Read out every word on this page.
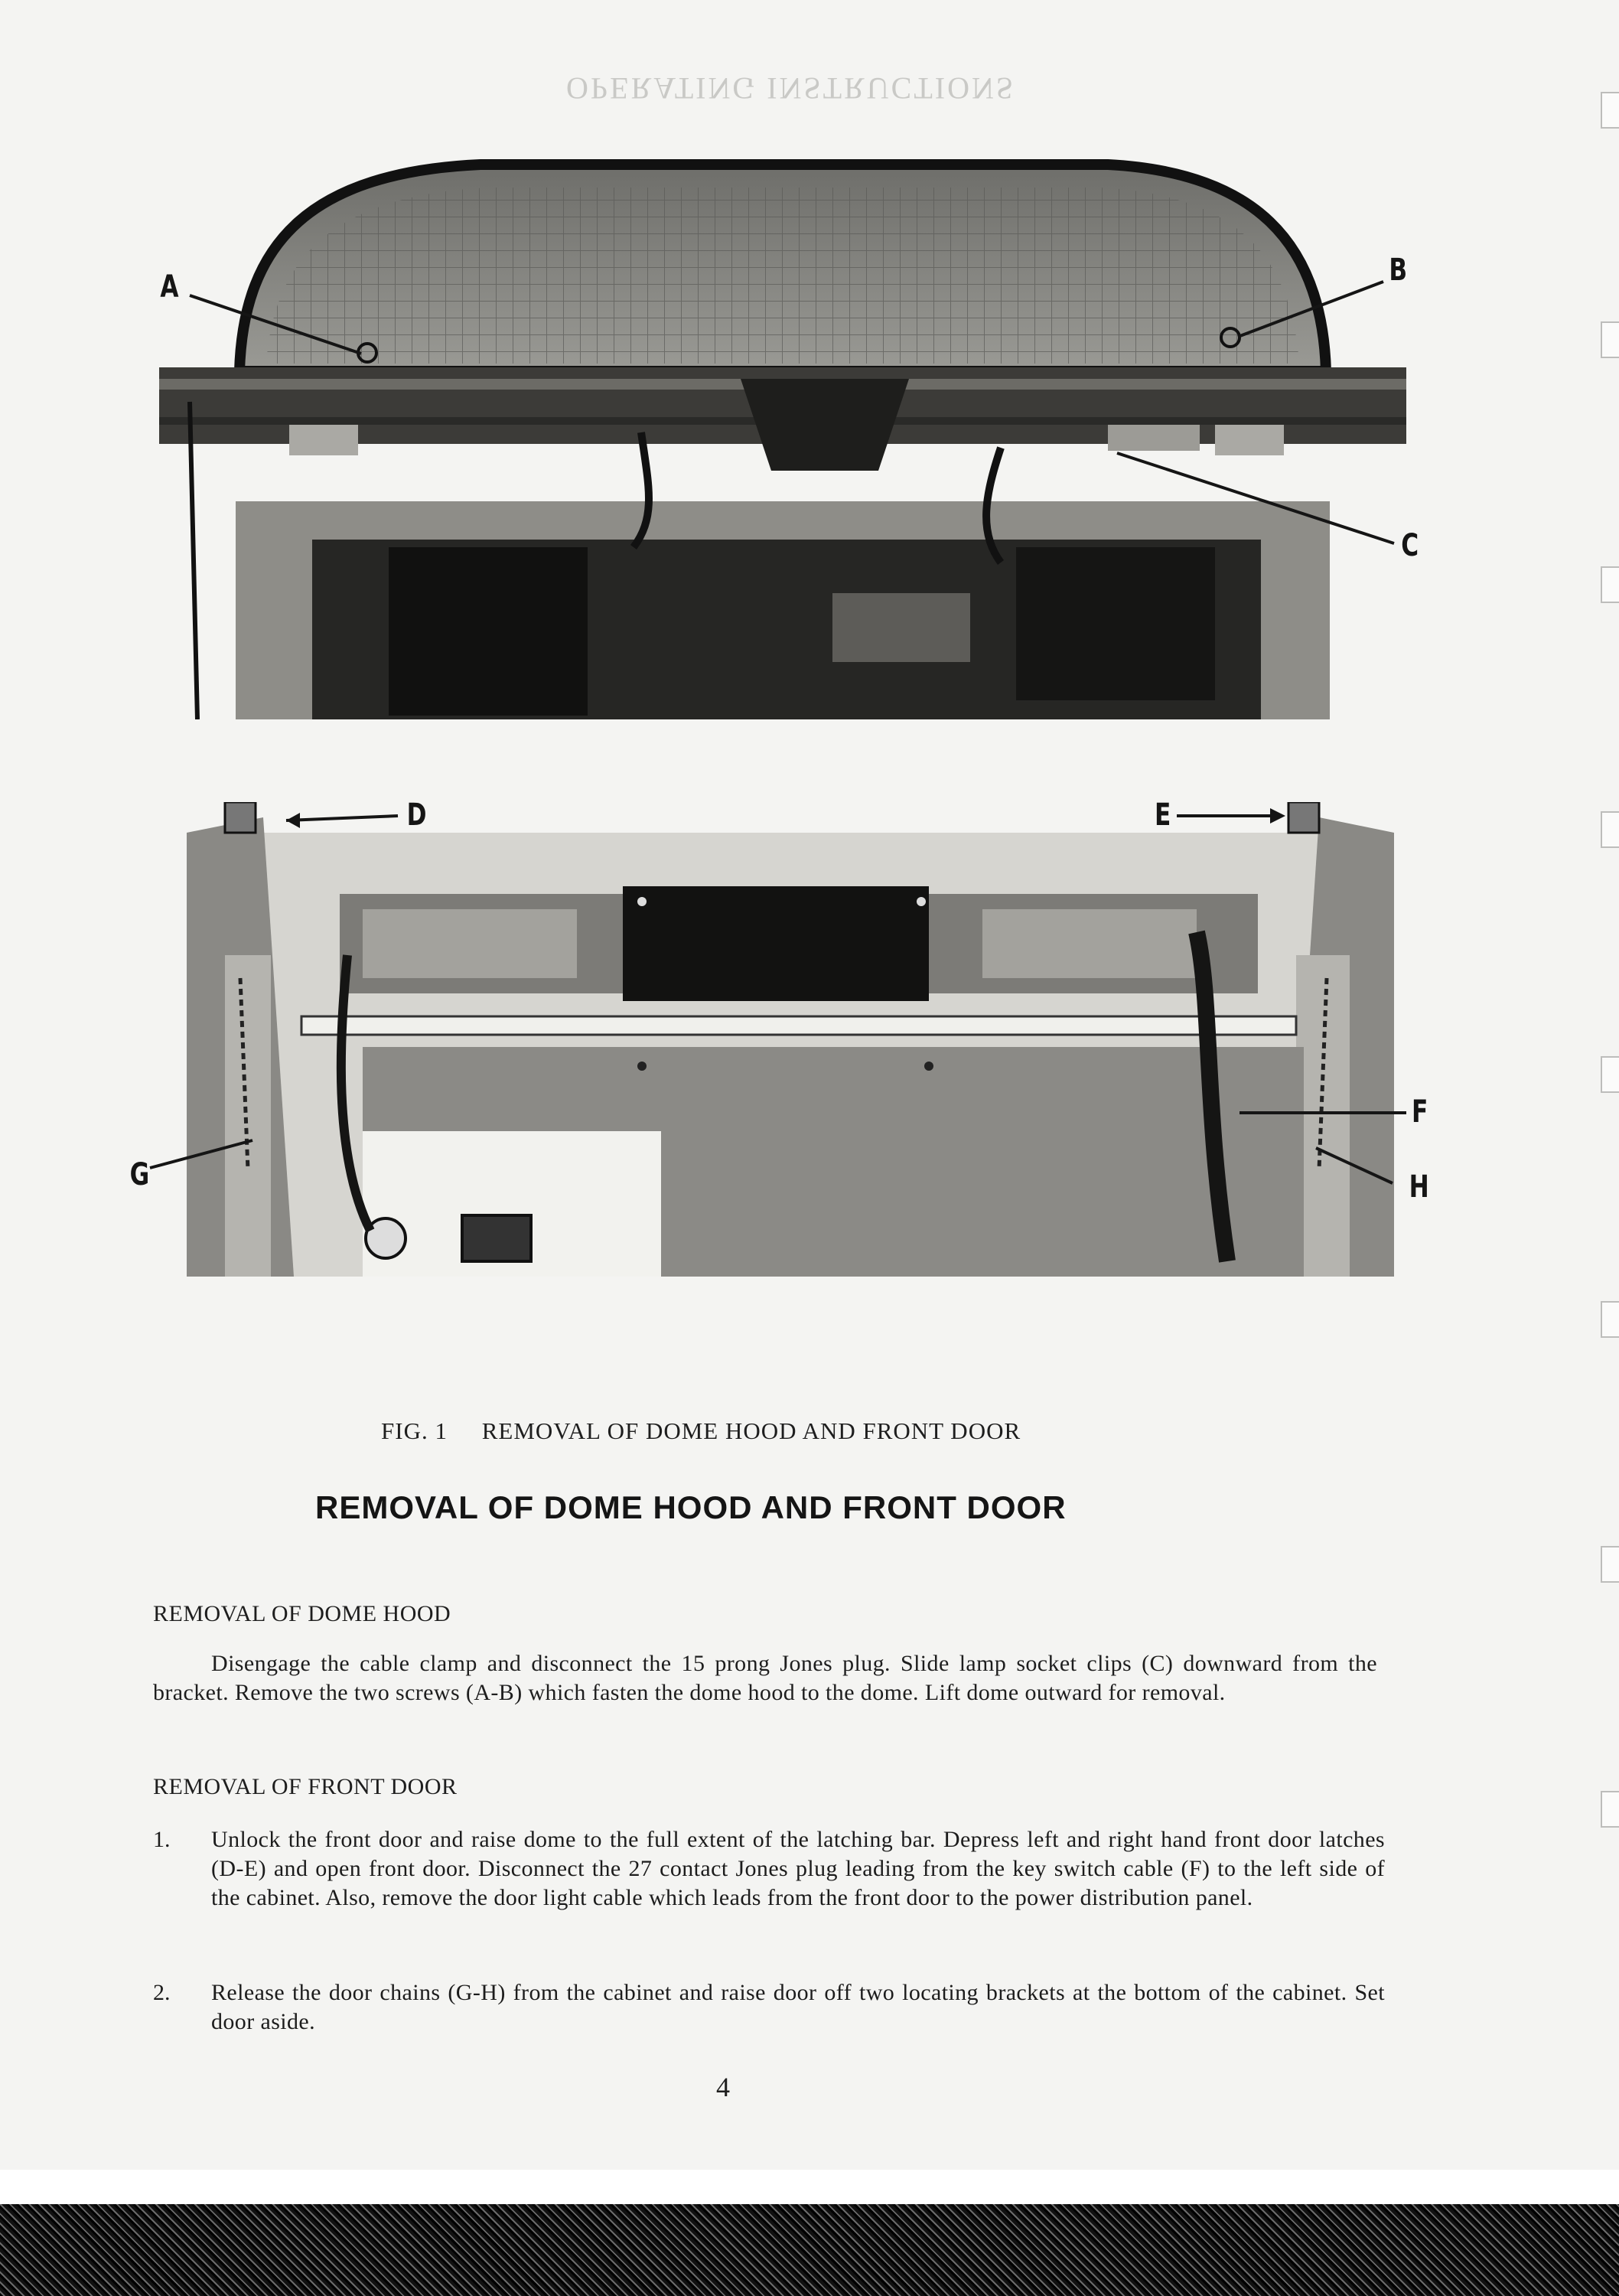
OPERATING INSTRUCTIONS
A	B
C
D	E
F
G	H
FIG. 1 REMOVAL OF DOME HOOD AND FRONT DOOR
REMOVAL OF DOME HOOD AND FRONT DOOR
REMOVAL OF DOME HOOD
Disengage the cable clamp and disconnect the 15 prong Jones plug. Slide lamp socket clips (C) downward from the bracket. Remove the two screws (A-B) which fasten the dome hood to the dome. Lift dome outward for removal.
REMOVAL OF FRONT DOOR
1. Unlock the front door and raise dome to the full extent of the latching bar. Depress left and right hand front door latches (D-E) and open front door. Disconnect the 27 contact Jones plug leading from the key switch cable (F) to the left side of the cabinet. Also, remove the door light cable which leads from the front door to the power distribution panel.
2. Release the door chains (G-H) from the cabinet and raise door off two locating brackets at the bottom of the cabinet. Set door aside.
4
